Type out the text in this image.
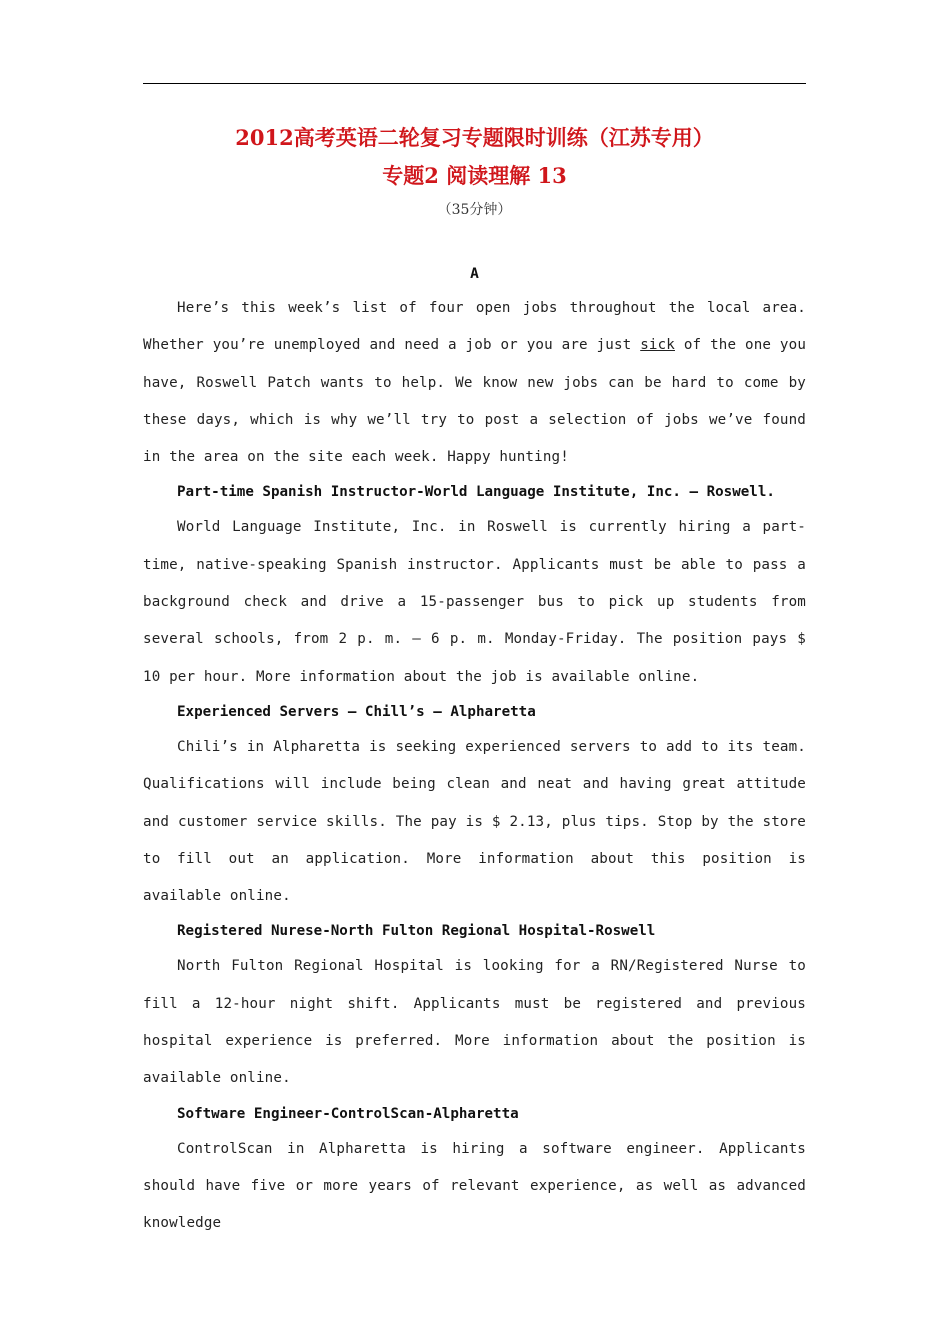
2012高考英语二轮复习专题限时训练（江苏专用）
专题2 阅读理解 13
（35分钟）
A

Here’s this week’s list of four open jobs throughout the local area. Whether you’re unemployed and need a job or you are just sick of the one you have, Roswell Patch wants to help. We know new jobs can be hard to come by these days, which is why we’ll try to post a selection of jobs we’ve found in the area on the site each week. Happy hunting!

Part-time Spanish Instructor-World Language Institute, Inc. – Roswell.

World Language Institute, Inc. in Roswell is currently hiring a part-time, native-speaking Spanish instructor. Applicants must be able to pass a background check and drive a 15-passenger bus to pick up students from several schools, from 2 p. m. – 6 p. m. Monday-Friday. The position pays $ 10 per hour. More information about the job is available online.

Experienced Servers – Chill’s – Alpharetta

Chili’s in Alpharetta is seeking experienced servers to add to its team. Qualifications will include being clean and neat and having great attitude and customer service skills. The pay is $ 2.13, plus tips. Stop by the store to fill out an application. More information about this position is available online.

Registered Nurese-North Fulton Regional Hospital-Roswell

North Fulton Regional Hospital is looking for a RN/Registered Nurse to fill a 12-hour night shift. Applicants must be registered and previous hospital experience is preferred. More information about the position is available online.

Software Engineer-ControlScan-Alpharetta

ControlScan in Alpharetta is hiring a software engineer. Applicants should have five or more years of relevant experience, as well as advanced knowledge
